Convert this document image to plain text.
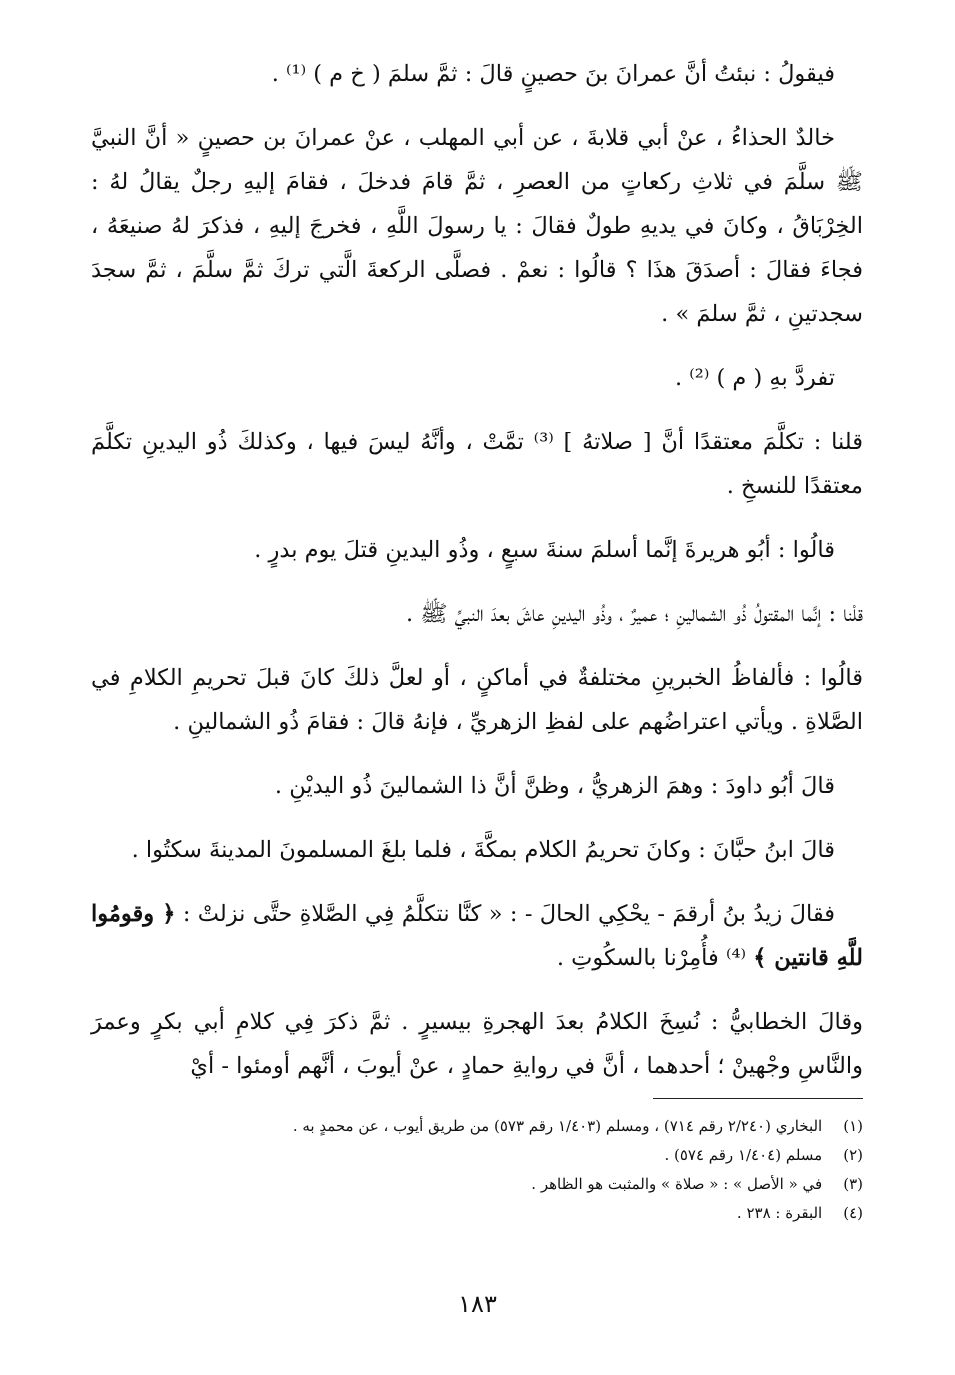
فيقولُ : نبئتُ أنَّ عمرانَ بنَ حصينٍ قالَ : ثمَّ سلمَ ( خ م ) ⁽¹⁾ .

خالدٌ الحذاءُ ، عنْ أبي قلابةَ ، عن أبي المهلب ، عنْ عمرانَ بن حصينٍ « أنَّ النبيَّ ﷺ سلَّمَ في ثلاثِ ركعاتٍ من العصرِ ، ثمَّ قامَ فدخلَ ، فقامَ إليهِ رجلٌ يقالُ لهُ : الخِرْبَاقُ ، وكانَ في يديهِ طولٌ فقالَ : يا رسولَ اللَّهِ ، فخرجَ إليهِ ، فذكرَ لهُ صنيعَهُ ، فجاءَ فقالَ : أصدَقَ هذَا ؟ قالُوا : نعمْ . فصلَّى الركعةَ الَّتي تركَ ثمَّ سلَّمَ ، ثمَّ سجدَ سجدتينِ ، ثمَّ سلمَ » .

تفردَّ بهِ ( م ) ⁽²⁾ .

قلنا : تكلَّمَ معتقدًا أنَّ [ صلاتهُ ] ⁽³⁾ تمَّتْ ، وأنَّهُ ليسَ فيها ، وكذلكَ ذُو اليدينِ تكلَّمَ معتقدًا للنسخِ .

قالُوا : أبُو هريرةَ إنَّما أسلمَ سنةَ سبعٍ ، وذُو اليدينِ قتلَ يوم بدرٍ .

قلْنا : إنَّما المقتولُ ذُو الشمالينِ ؛ عميرٌ ، وذُو اليدينِ عاشَ بعدَ النبيِّ ﷺ .

قالُوا : فألفاظُ الخبرينِ مختلفةٌ في أماكنٍ ، أو لعلَّ ذلكَ كانَ قبلَ تحريمِ الكلامِ في الصَّلاةِ . ويأتي اعتراضُهم على لفظِ الزهريِّ ، فإنهُ قالَ : فقامَ ذُو الشمالينِ .

قالَ أبُو داودَ : وهمَ الزهريُّ ، وظنَّ أنَّ ذا الشمالينَ ذُو اليديْنِ .

قالَ ابنُ حبَّانَ : وكانَ تحريمُ الكلام بمكَّةَ ، فلما بلغَ المسلمونَ المدينةَ سكتُوا .

فقالَ زيدُ بنُ أرقمَ - يحْكِي الحالَ - : « كنَّا نتكلَّمُ فِي الصَّلاةِ حتَّى نزلتْ : ﴿ وقومُوا للَّهِ قانتين ﴾ ⁽⁴⁾ فأُمِرْنا بالسكُوتِ .

وقالَ الخطابيُّ : نُسِخَ الكلامُ بعدَ الهجرةِ بيسيرٍ . ثمَّ ذكرَ فِي كلامِ أبي بكرٍ وعمرَ والنَّاسِ وجْهينْ ؛ أحدهما ، أنَّ في روايةِ حمادٍ ، عنْ أيوبَ ، أنَّهم أومئوا - أيْ

(١) البخاري (٢/٢٤٠ رقم ٧١٤) ، ومسلم (١/٤٠٣ رقم ٥٧٣) من طريق أيوب ، عن محمدٍ به .

(٢) مسلم (١/٤٠٤ رقم ٥٧٤) .

(٣) في « الأصل » : « صلاة » والمثبت هو الظاهر .

(٤) البقرة : ٢٣٨ .

١٨٣
